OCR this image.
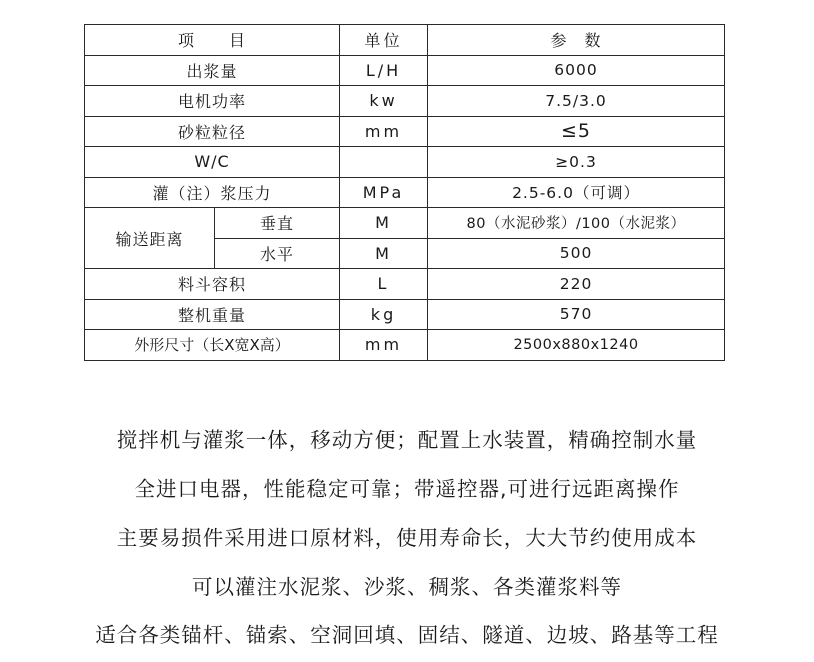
项　　目		单位	参　数
出浆量		L/H	6000
电机功率		kw	7.5/3.0
砂粒粒径		mm	≤5
W/C			≥0.3
灌（注）浆压力		MPa	2.5-6.0（可调）
输送距离	垂直	M	80（水泥砂浆）/100（水泥浆）
	水平	M	500
料斗容积		L	220
整机重量		kg	570
外形尺寸（长X宽X高）		mm	2500x880x1240
搅拌机与灌浆一体，移动方便；配置上水装置，精确控制水量
全进口电器，性能稳定可靠；带遥控器,可进行远距离操作
主要易损件采用进口原材料，使用寿命长，大大节约使用成本
可以灌注水泥浆、沙浆、稠浆、各类灌浆料等
适合各类锚杆、锚索、空洞回填、固结、隧道、边坡、路基等工程
